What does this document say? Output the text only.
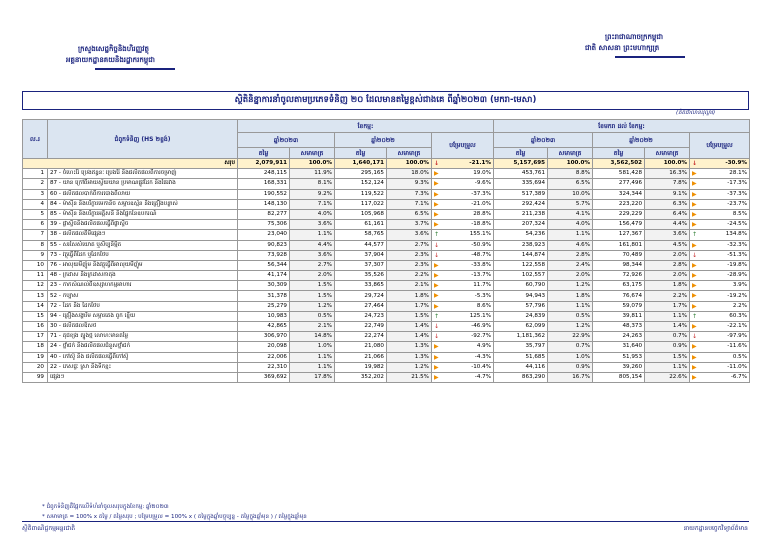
ក្រសួងសេដ្ឋកិច្ចនិងហិរញ្ញវត្ថុ
អគ្គនាយកដ្ឋានគយនិងរដ្ឋាករកម្ពុជា
ព្រះរាជាណាចក្រកម្ពុជា
ជាតិ សាសនា ព្រះមហាក្សត្រ
ស្ថិតិនិន្នាការនាំចូលតាមប្រភេទទំនិញ ២០ ដែលមានតម្លៃខ្ពស់ជាងគេ ពីឆ្នាំ២០២៣ (មករា-មេសា)
(គិតជាលានដុល្លារ)
ល.រ	ជំពូកទំនិញ (HS ២ខ្ទង់)	ខែកម្ម:					ខែមករា ដល់ ខែកម្ម:				
		ឆ្នាំ២០២៣		ឆ្នាំ២០២២		បម្រែបម្រួល	ឆ្នាំ២០២៣		ឆ្នាំ២០២២		បម្រែបម្រួល
		តម្លៃ	សមាមាត្រ	តម្លៃ	សមាមាត្រ		តម្លៃ	សមាមាត្រ	តម្លៃ	សមាមាត្រ	
សរុប		2,079,911	100.0%	1,640,171	100.0%	↓ -21.1%	5,157,695	100.0%	3,562,502	100.0%	↓ -30.9%
1	27 - ចំហេះរ៉ែ ប្រេងឥន្ធនៈ ប្រេងរ៉ែ និងផលិតផលពីការចម្រាញ់	248,115	11.9%	295,165	18.0%	▶ 19.0%	453,761	8.8%	581,428	16.3%	▶ 28.1%
2	87 - យាន ក្រៅពីអាយស្វ័យយាន ប្រមាណផ្លូវដែក និងផែរវាង	168,331	8.1%	152,124	9.3%	▶ -9.6%	335,694	6.5%	277,496	7.8%	▶ -17.3%
3	60 - ផលិតផលបាក់ពីការបោងពីលាយ	190,552	9.2%	119,522	7.3%	▶ -37.3%	517,389	10.0%	324,344	9.1%	▶ -37.3%
4	84 - ម៉ាស៊ីន និងបរិក្ខារមេកានិច សម្ភារឧស្ម័ន និងគ្រឿងបន្លាស់	148,130	7.1%	117,022	7.1%	▶ -21.0%	292,424	5.7%	223,220	6.3%	▶ -23.7%
5	85 - ម៉ាស៊ីន និងបរិក្ខារអគ្គិសនី និងផ្នែកនៃឧបករណ៍	82,277	4.0%	105,968	6.5%	▶ 28.8%	211,238	4.1%	229,229	6.4%	▶ 8.5%
6	39 - ផ្លាស្ទិចនិងផលិតផលធ្វើពីផ្លាស្ទិច	75,306	3.6%	61,161	3.7%	▶ -18.8%	207,324	4.0%	156,479	4.4%	▶ -24.5%
7	38 - ផលិតផលគីមីផ្សេងៗ	23,040	1.1%	58,765	3.6%	↑ 155.1%	54,236	1.1%	127,367	3.6%	↑ 134.8%
8	55 - សរសៃសំយោគ ឬសិប្បនិម្មិត	90,823	4.4%	44,577	2.7%	↓ -50.9%	238,923	4.6%	161,801	4.5%	▶ -32.3%
9	73 - វត្ថុធ្វើពីដែក ឬដែកថែប	73,928	3.6%	37,904	2.3%	↓ -48.7%	144,874	2.8%	70,489	2.0%	↓ -51.3%
10	76 - អាលុយមីញ៉ូម និងវត្ថុធ្វើពីអាលុយមីញ៉ូម	56,344	2.7%	37,307	2.3%	▶ -33.8%	122,558	2.4%	98,344	2.8%	▶ -19.8%
11	48 - ក្រដាស និងក្រដាសកាតុង	41,174	2.0%	35,526	2.2%	▶ -13.7%	102,557	2.0%	72,926	2.0%	▶ -28.9%
12	23 - កាកសំណល់ពីឧស្សាហកម្មអាហារ	30,309	1.5%	33,865	2.1%	▶ 11.7%	60,790	1.2%	63,175	1.8%	▶ 3.9%
13	52 - កប្បាស	31,378	1.5%	29,724	1.8%	▶ -5.3%	94,943	1.8%	76,674	2.2%	▶ -19.2%
14	72 - ដែក និង ដែកថែប	25,279	1.2%	27,464	1.7%	▶ 8.6%	57,796	1.1%	59,079	1.7%	▶ 2.2%
15	94 - គ្រឿងសង្ហារឹម សម្ភារគេង ពូក ខ្នើយ	10,983	0.5%	24,723	1.5%	↑ 125.1%	24,839	0.5%	39,811	1.1%	↑ 60.3%
16	30 - ផលិតផលឱសថ	42,865	2.1%	22,749	1.4%	↓ -46.9%	62,099	1.2%	48,373	1.4%	▶ -22.1%
17	71 - គុជខ្យង ត្បូងថ្ម លោហៈមានតម្លៃ	306,970	14.8%	22,274	1.4%	↓ -92.7%	1,181,362	22.9%	24,263	0.7%	↓ -97.9%
18	24 - ថ្នាំជក់ និងផលិតផលជំនួសថ្នាំជក់	20,098	1.0%	21,080	1.3%	▶ 4.9%	35,797	0.7%	31,640	0.9%	▶ -11.6%
19	40 - កៅស៊ូ និង ផលិតផលធ្វើពីកៅស៊ូ	22,006	1.1%	21,066	1.3%	▶ -4.3%	51,685	1.0%	51,953	1.5%	▶ 0.5%
20	22 - ភេសជ្ជៈ ស្រា និងទឹកខ្មះ	22,310	1.1%	19,982	1.2%	▶ -10.4%	44,116	0.9%	39,260	1.1%	▶ -11.0%
99	ផ្សេងៗ	369,692	17.8%	352,202	21.5%	▶ -4.7%	863,290	16.7%	805,154	22.6%	▶ -6.7%
* ជំពូកទំនិញគឺផ្អែកលើទំហំនាំចូលសរុបក្នុងខែកម្ម: ឆ្នាំ២០២៣
* សមាមាត្រ = 100% x តម្លៃ / តម្លៃសរុប ; បម្រែបម្រួល = 100% x ( តម្លៃក្នុងឆ្នាំបច្ចុប្បន្ន - តម្លៃក្នុងឆ្នាំមុន ) / តម្លៃក្នុងឆ្នាំមុន
ស្ថិតិពាណិជ្ជកម្មអន្តរជាតិ	នាយកដ្ឋានបច្ចេកវិទ្យាព័ត៌មាន
